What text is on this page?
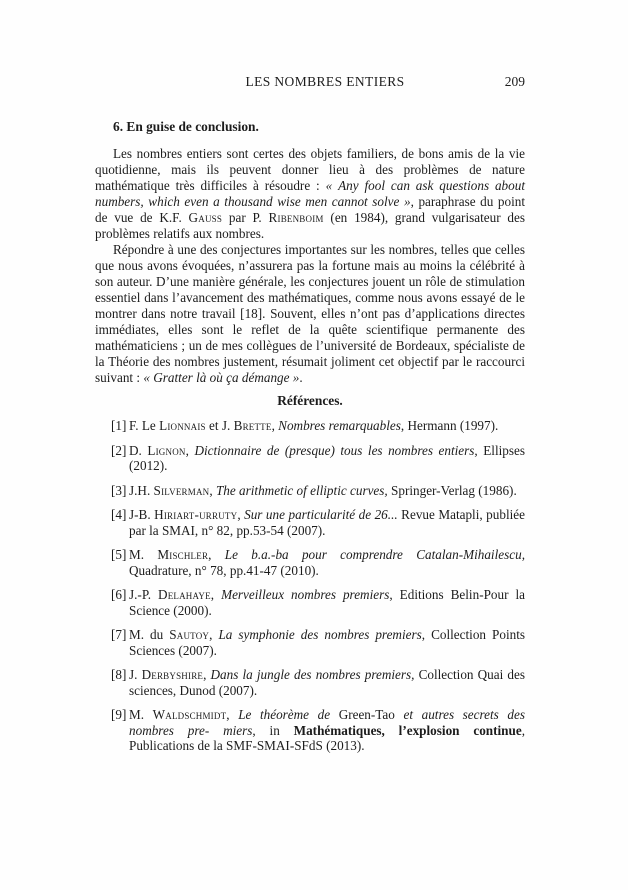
LES NOMBRES ENTIERS	209
6. En guise de conclusion.

Les nombres entiers sont certes des objets familiers, de bons amis de la vie quotidienne, mais ils peuvent donner lieu à des problèmes de nature mathématique très difficiles à résoudre : « Any fool can ask questions about numbers, which even a thousand wise men cannot solve », paraphrase du point de vue de K.F. Gauss par P. Ribenboim (en 1984), grand vulgarisateur des problèmes relatifs aux nombres.

Répondre à une des conjectures importantes sur les nombres, telles que celles que nous avons évoquées, n’assurera pas la fortune mais au moins la célébrité à son auteur. D’une manière générale, les conjectures jouent un rôle de stimulation essentiel dans l’avancement des mathématiques, comme nous avons essayé de le montrer dans notre travail [18]. Souvent, elles n’ont pas d’applications directes immédiates, elles sont le reflet de la quête scientifique permanente des mathématiciens ; un de mes collègues de l’université de Bordeaux, spécialiste de la Théorie des nombres justement, résumait joliment cet objectif par le raccourci suivant : « Gratter là où ça démange ».

Références.
[1] F. Le Lionnais et J. Brette, Nombres remarquables, Hermann (1997).
[2] D. Lignon, Dictionnaire de (presque) tous les nombres entiers, Ellipses (2012).
[3] J.H. Silverman, The arithmetic of elliptic curves, Springer-Verlag (1986).
[4] J-B. Hiriart-urruty, Sur une particularité de 26... Revue Matapli, publiée par la SMAI, n° 82, pp.53-54 (2007).
[5] M. Mischler, Le b.a.-ba pour comprendre Catalan-Mihailescu, Quadrature, n° 78, pp.41-47 (2010).
[6] J.-P. Delahaye, Merveilleux nombres premiers, Editions Belin-Pour la Science (2000).
[7] M. du Sautoy, La symphonie des nombres premiers, Collection Points Sciences (2007).
[8] J. Derbyshire, Dans la jungle des nombres premiers, Collection Quai des sciences, Dunod (2007).
[9] M. Waldschmidt, Le théorème de Green-Tao et autres secrets des nombres pre- miers, in Mathématiques, l’explosion continue, Publications de la SMF-SMAI-SFdS (2013).
